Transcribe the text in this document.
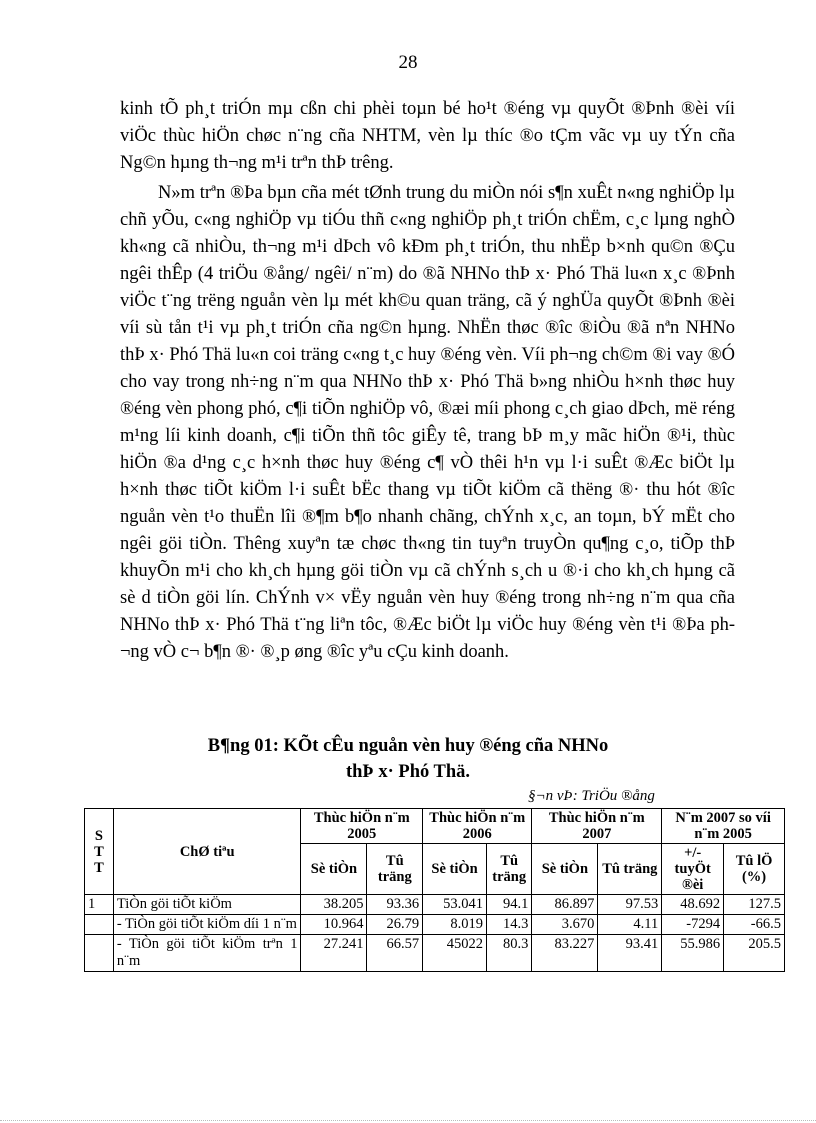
28

kinh tÕ ph¸t triÓn mµ cßn chi phèi toµn bé ho¹t ®éng vµ quyÕt ®Þnh ®èi víi viÖc thùc hiÖn chøc n¨ng cña NHTM, vèn lµ thíc ®o tÇm vãc vµ uy tÝn cña Ng©n hµng th¬ng m¹i trªn thÞ trêng.

N»m trªn ®Þa bµn cña mét tØnh trung du miÒn nói s¶n xuÊt n«ng nghiÖp lµ chñ yÕu, c«ng nghiÖp vµ tiÓu thñ c«ng nghiÖp ph¸t triÓn chËm, c¸c lµng nghÒ kh«ng cã nhiÒu, th¬ng m¹i dÞch vô kÐm ph¸t triÓn, thu nhËp b×nh qu©n ®Çu ngêi thÊp (4 triÖu ®ång/ ngêi/ n¨m) do ®ã NHNo thÞ x· Phó Thä lu«n x¸c ®Þnh viÖc t¨ng trëng nguån vèn lµ mét kh©u quan träng, cã ý nghÜa quyÕt ®Þnh ®èi víi sù tån t¹i vµ ph¸t triÓn cña ng©n hµng. NhËn thøc ®îc ®iÒu ®ã nªn NHNo thÞ x· Phó Thä lu«n coi träng c«ng t¸c huy ®éng vèn. Víi ph¬ng ch©m ®i vay ®Ó cho vay trong nh÷ng n¨m qua NHNo thÞ x· Phó Thä b»ng nhiÒu h×nh thøc huy ®éng vèn phong phó, c¶i tiÕn nghiÖp vô, ®æi míi phong c¸ch giao dÞch, më réng m¹ng líi kinh doanh, c¶i tiÕn thñ tôc giÊy tê, trang bÞ m¸y mãc hiÖn ®¹i, thùc hiÖn ®a d¹ng c¸c h×nh thøc huy ®éng c¶ vÒ thêi h¹n vµ l·i suÊt ®Æc biÖt lµ h×nh thøc tiÕt kiÖm l·i suÊt bËc thang vµ tiÕt kiÖm cã thëng ®· thu hót ®îc nguån vèn t¹o thuËn lîi ®¶m b¶o nhanh chãng, chÝnh x¸c, an toµn, bÝ mËt cho ngêi göi tiÒn. Thêng xuyªn tæ chøc th«ng tin tuyªn truyÒn qu¶ng c¸o, tiÕp thÞ khuyÕn m¹i cho kh¸ch hµng göi tiÒn vµ cã chÝnh s¸ch u ®·i cho kh¸ch hµng cã sè d tiÒn göi lín. ChÝnh v× vËy nguån vèn huy ®éng trong nh÷ng n¨m qua cña NHNo thÞ x· Phó Thä t¨ng liªn tôc, ®Æc biÖt lµ viÖc huy ®éng vèn t¹i ®Þa ph¬ng vÒ c¬ b¶n ®· ®¸p øng ®îc yªu cÇu kinh doanh.

B¶ng 01: KÕt cÊu nguån vèn huy ®éng cña NHNo
thÞ x· Phó Thä.
§¬n vÞ: TriÖu ®ång
S T T	ChØ tiªu	Thùc hiÖn n¨m 2005		Thùc hiÖn n¨m 2006		Thùc hiÖn n¨m 2007		N¨m 2007 so víi n¨m 2005	
		Sè tiÒn	Tû träng	Sè tiÒn	Tû träng	Sè tiÒn	Tû träng	+/- tuyÖt ®èi	Tû lÖ (%)
1	TiÒn göi tiÕt kiÖm	38.205	93.36	53.041	94.1	86.897	97.53	48.692	127.5
	- TiÒn göi tiÕt kiÖm díi 1 n¨m	10.964	26.79	8.019	14.3	3.670	4.11	-7294	-66.5
	- TiÒn göi tiÕt kiÖm trªn 1 n¨m	27.241	66.57	45022	80.3	83.227	93.41	55.986	205.5
